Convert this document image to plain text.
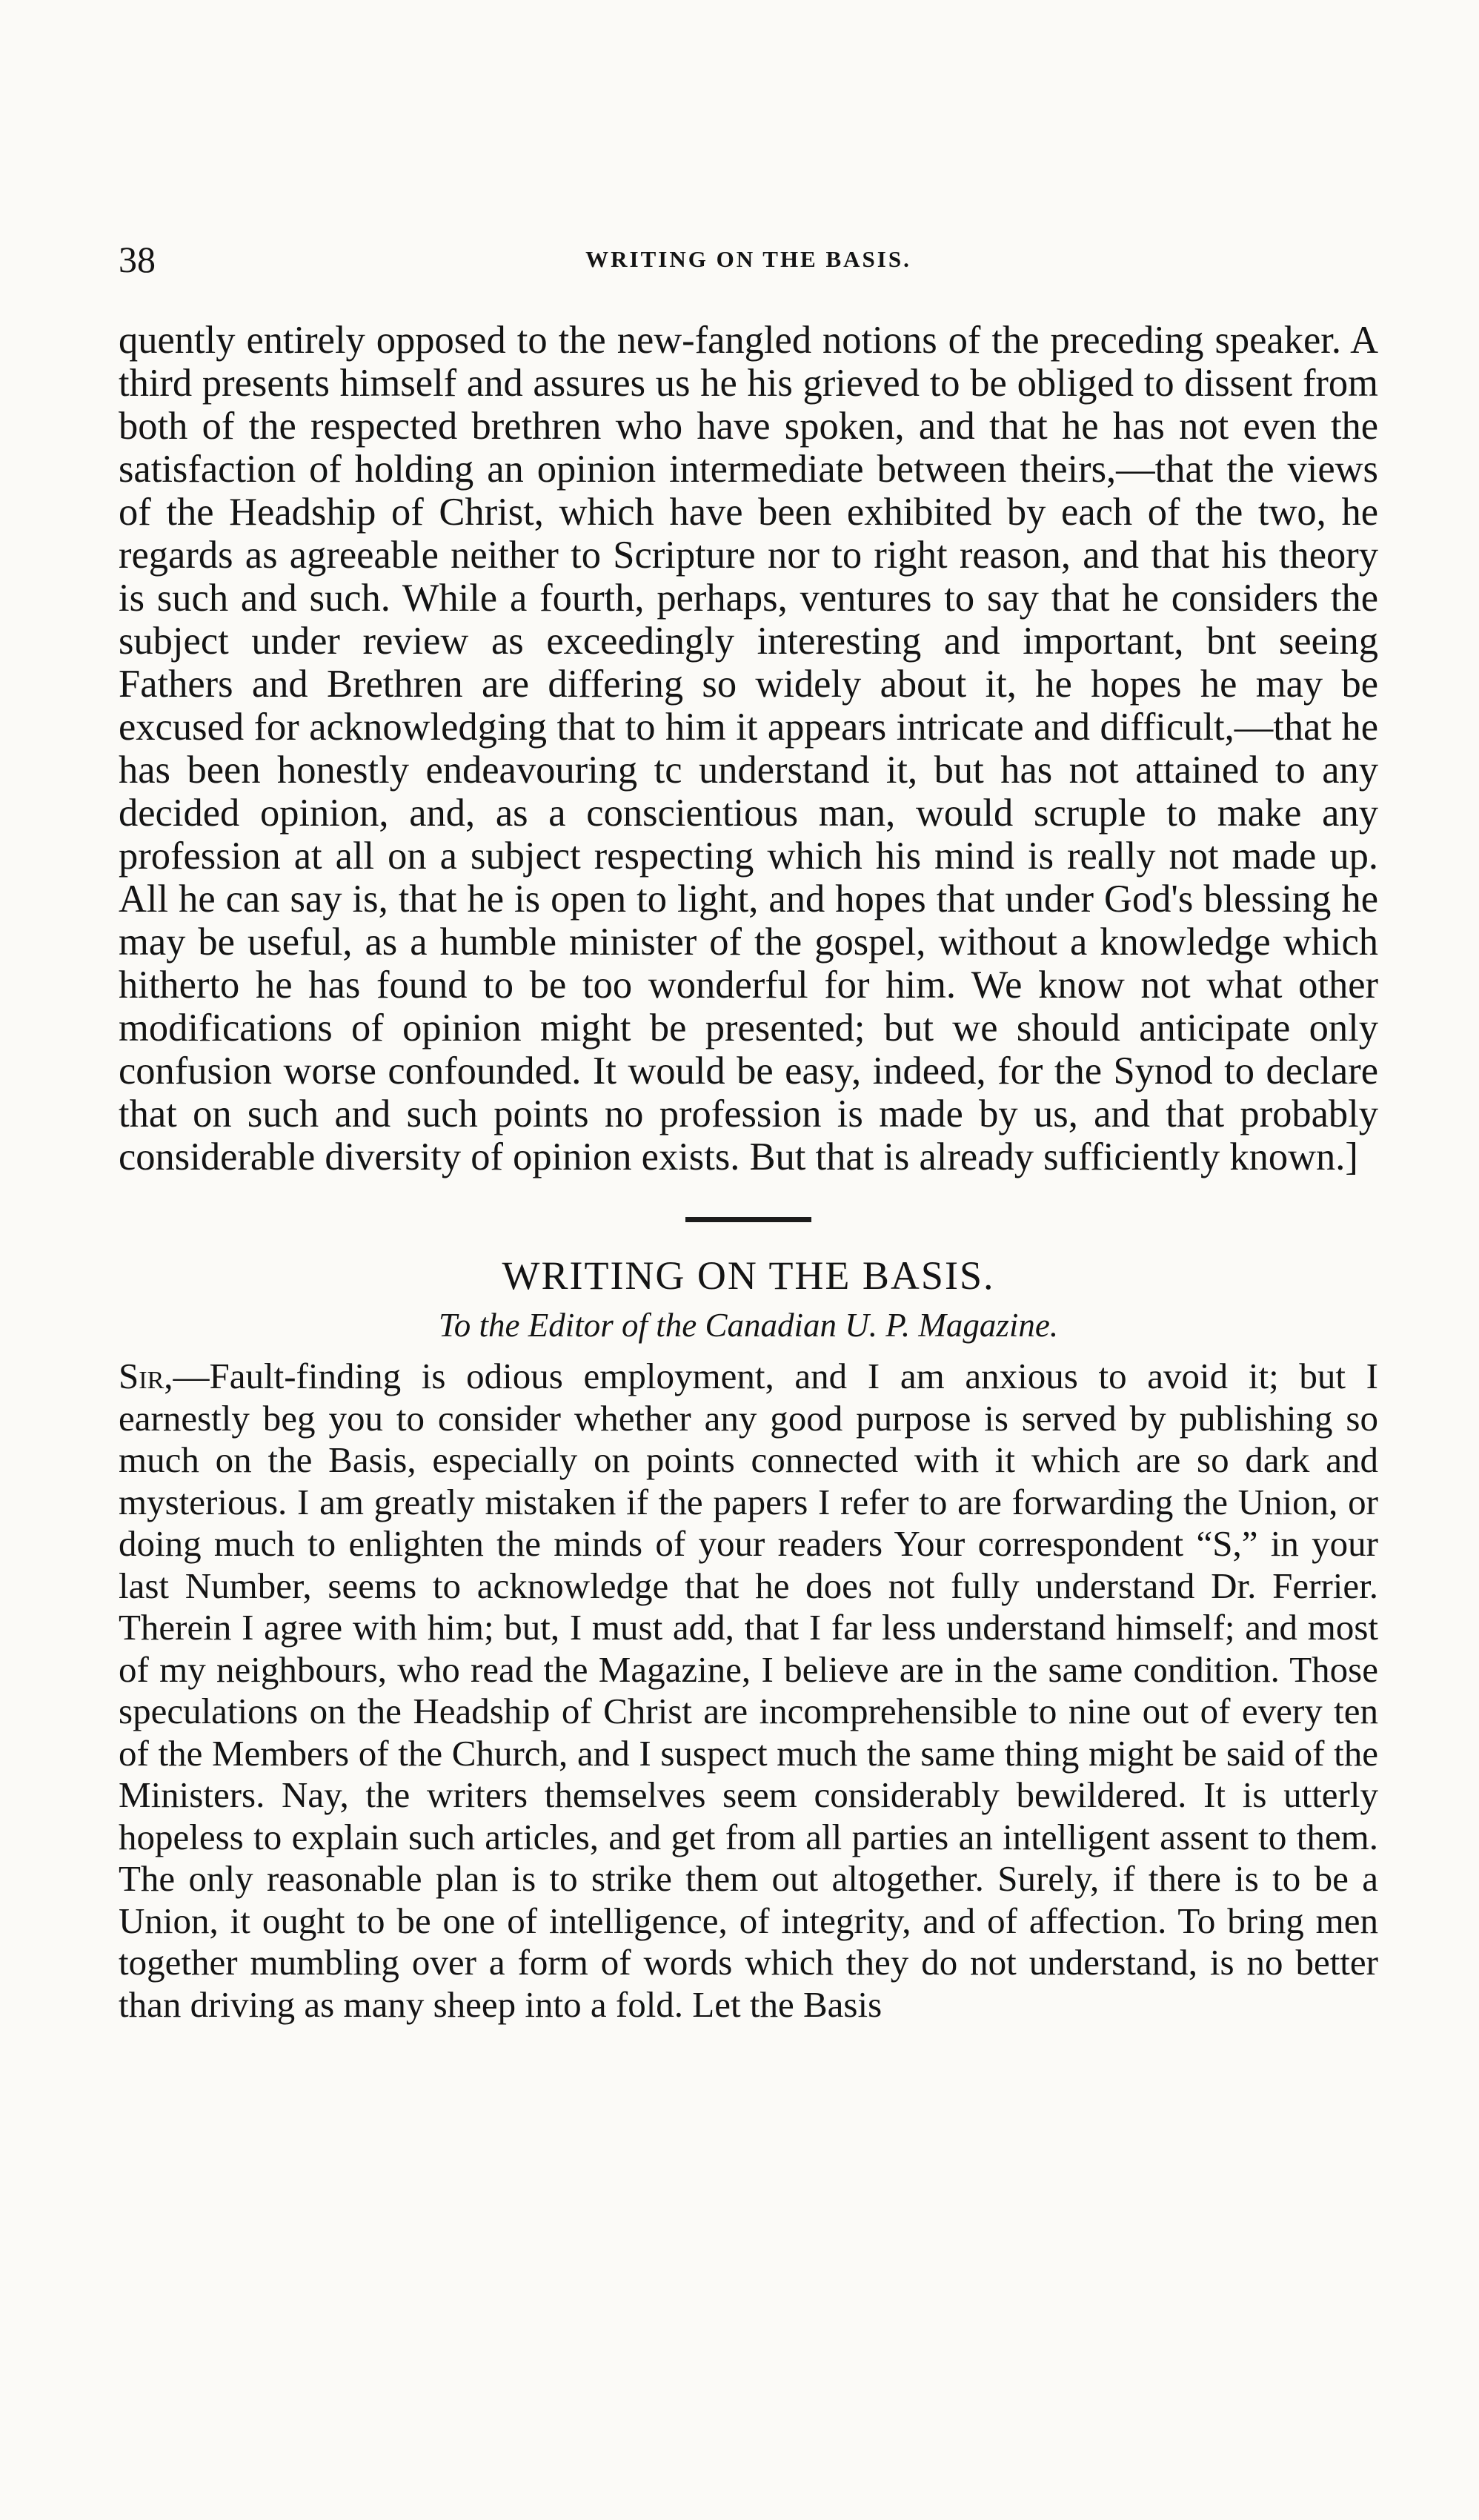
38	WRITING ON THE BASIS.

quently entirely opposed to the new-fangled notions of the preceding speaker. A third presents himself and assures us he his grieved to be obliged to dissent from both of the respected brethren who have spoken, and that he has not even the satisfaction of holding an opinion intermediate between theirs,—that the views of the Headship of Christ, which have been exhibited by each of the two, he regards as agreeable neither to Scripture nor to right reason, and that his theory is such and such. While a fourth, perhaps, ventures to say that he considers the subject under review as exceedingly interesting and important, bnt seeing Fathers and Brethren are differing so widely about it, he hopes he may be excused for acknowledging that to him it appears intricate and difficult,—that he has been honestly endeavouring tc understand it, but has not attained to any decided opinion, and, as a conscientious man, would scruple to make any profession at all on a subject respecting which his mind is really not made up. All he can say is, that he is open to light, and hopes that under God's blessing he may be useful, as a humble minister of the gospel, without a knowledge which hitherto he has found to be too wonderful for him. We know not what other modifications of opinion might be presented; but we should anticipate only confusion worse confounded. It would be easy, indeed, for the Synod to declare that on such and such points no profession is made by us, and that probably considerable diversity of opinion exists. But that is already sufficiently known.]

WRITING ON THE BASIS.
To the Editor of the Canadian U. P. Magazine.

Sir,—Fault-finding is odious employment, and I am anxious to avoid it; but I earnestly beg you to consider whether any good purpose is served by publishing so much on the Basis, especially on points connected with it which are so dark and mysterious. I am greatly mistaken if the papers I refer to are forwarding the Union, or doing much to enlighten the minds of your readers Your correspondent “S,” in your last Number, seems to acknowledge that he does not fully understand Dr. Ferrier. Therein I agree with him; but, I must add, that I far less understand himself; and most of my neighbours, who read the Magazine, I believe are in the same condition. Those speculations on the Headship of Christ are incomprehensible to nine out of every ten of the Members of the Church, and I suspect much the same thing might be said of the Ministers. Nay, the writers themselves seem considerably bewildered. It is utterly hopeless to explain such articles, and get from all parties an intelligent assent to them. The only reasonable plan is to strike them out altogether. Surely, if there is to be a Union, it ought to be one of intelligence, of integrity, and of affection. To bring men together mumbling over a form of words which they do not understand, is no better than driving as many sheep into a fold. Let the Basis
